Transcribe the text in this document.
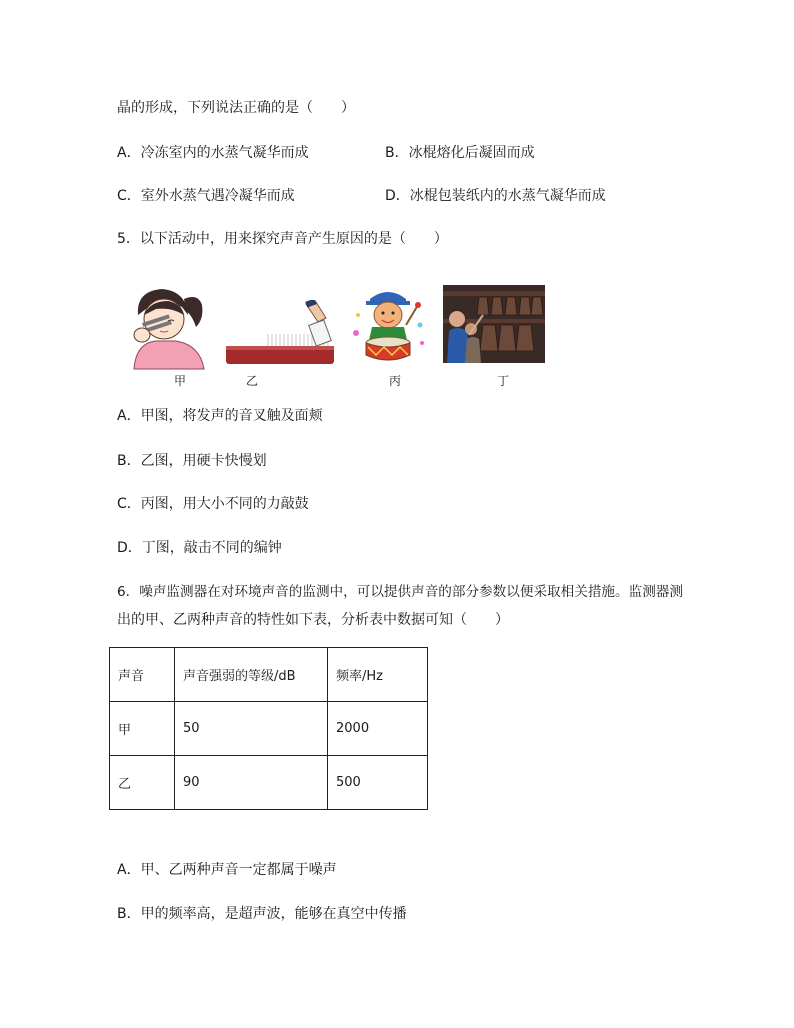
晶的形成，下列说法正确的是（　　）
A．冷冻室内的水蒸气凝华而成	B．冰棍熔化后凝固而成
C．室外水蒸气遇冷凝华而成	D．冰棍包装纸内的水蒸气凝华而成
5．以下活动中，用来探究声音产生原因的是（　　）
甲	乙	丙	丁
A．甲图，将发声的音叉触及面颊
B．乙图，用硬卡快慢划
C．丙图，用大小不同的力敲鼓
D．丁图，敲击不同的编钟
6．噪声监测器在对环境声音的监测中，可以提供声音的部分参数以便采取相关措施。监测器测
出的甲、乙两种声音的特性如下表，分析表中数据可知（　　）
声音	声音强弱的等级/dB	频率/Hz
甲	50	2000
乙	90	500
A．甲、乙两种声音一定都属于噪声
B．甲的频率高，是超声波，能够在真空中传播
